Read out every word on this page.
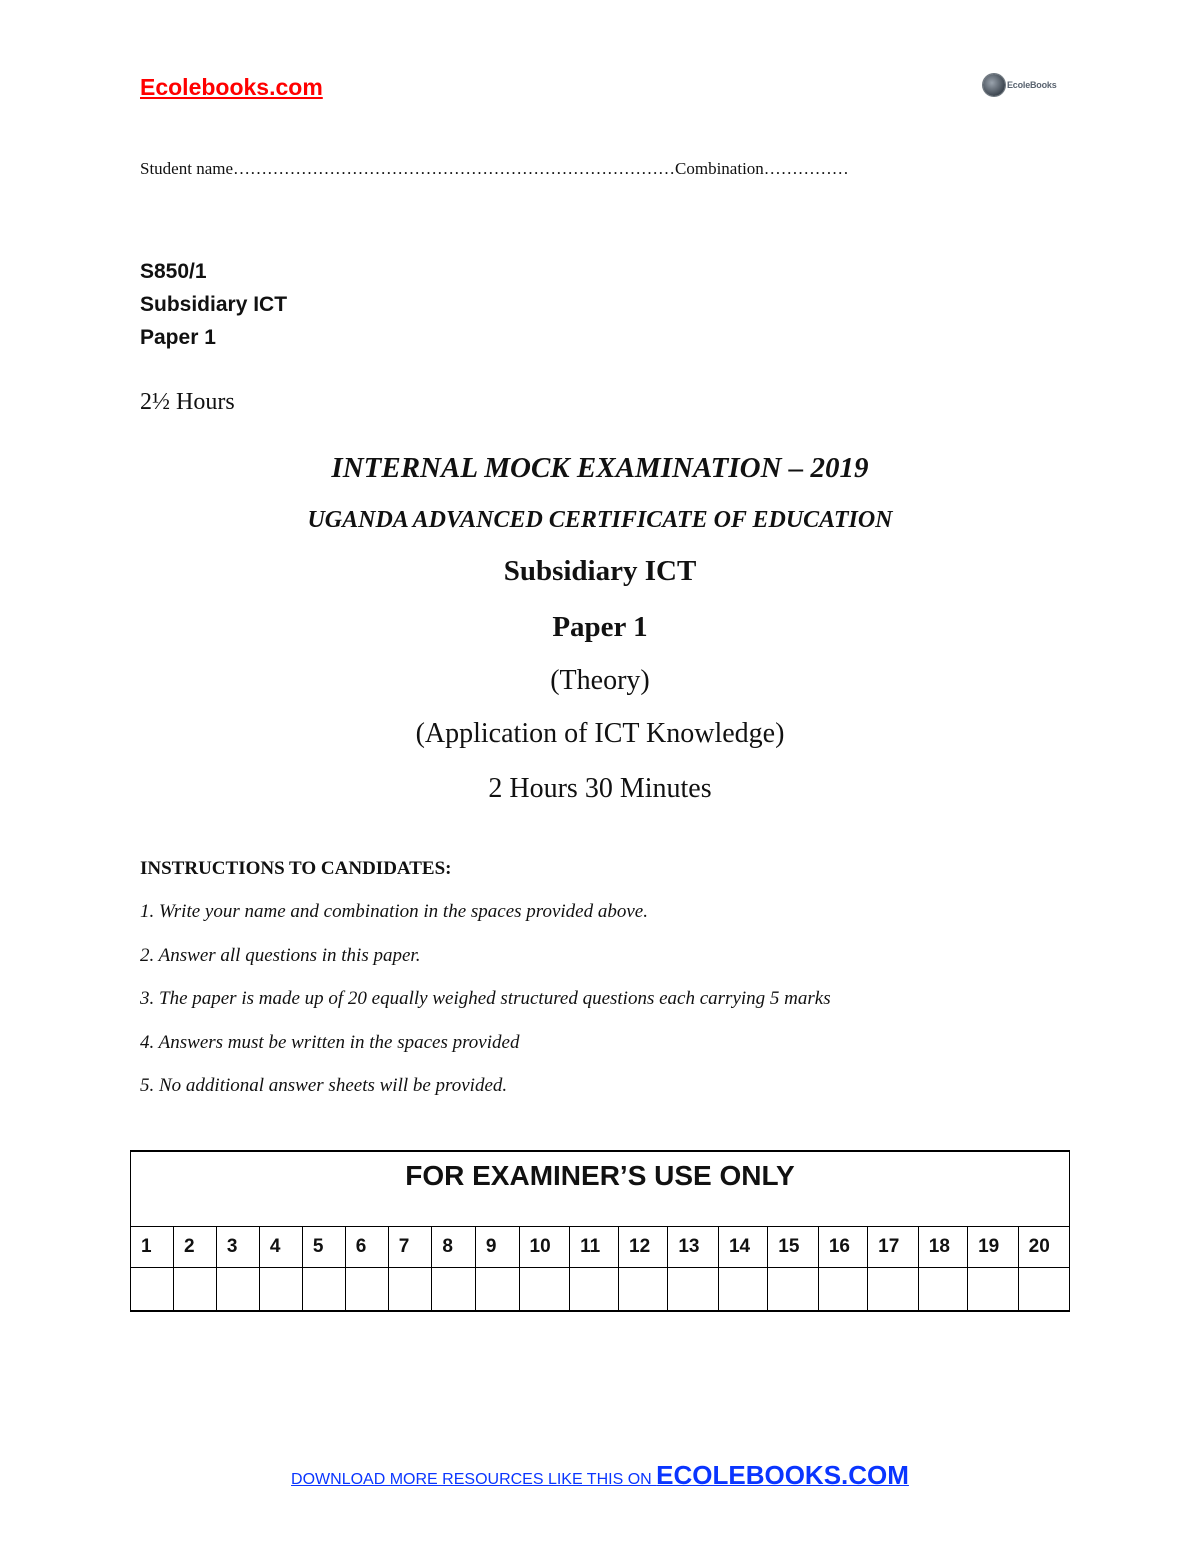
Ecolebooks.com	EcoleBooks
Student name……………………………………………………………………Combination……………
S850/1
Subsidiary ICT
Paper 1
2½ Hours
INTERNAL MOCK EXAMINATION – 2019
UGANDA ADVANCED CERTIFICATE OF EDUCATION
Subsidiary ICT
Paper 1
(Theory)
(Application of ICT Knowledge)
2 Hours 30 Minutes
INSTRUCTIONS TO CANDIDATES:
1. Write your name and combination in the spaces provided above.
2. Answer all questions in this paper.
3. The paper is made up of 20 equally weighed structured questions each carrying 5 marks
4. Answers must be written in the spaces provided
5. No additional answer sheets will be provided.
FOR EXAMINER’S USE ONLY																			
1	2	3	4	5	6	7	8	9	10	11	12	13	14	15	16	17	18	19	20

DOWNLOAD MORE RESOURCES LIKE THIS ON ECOLEBOOKS.COM
